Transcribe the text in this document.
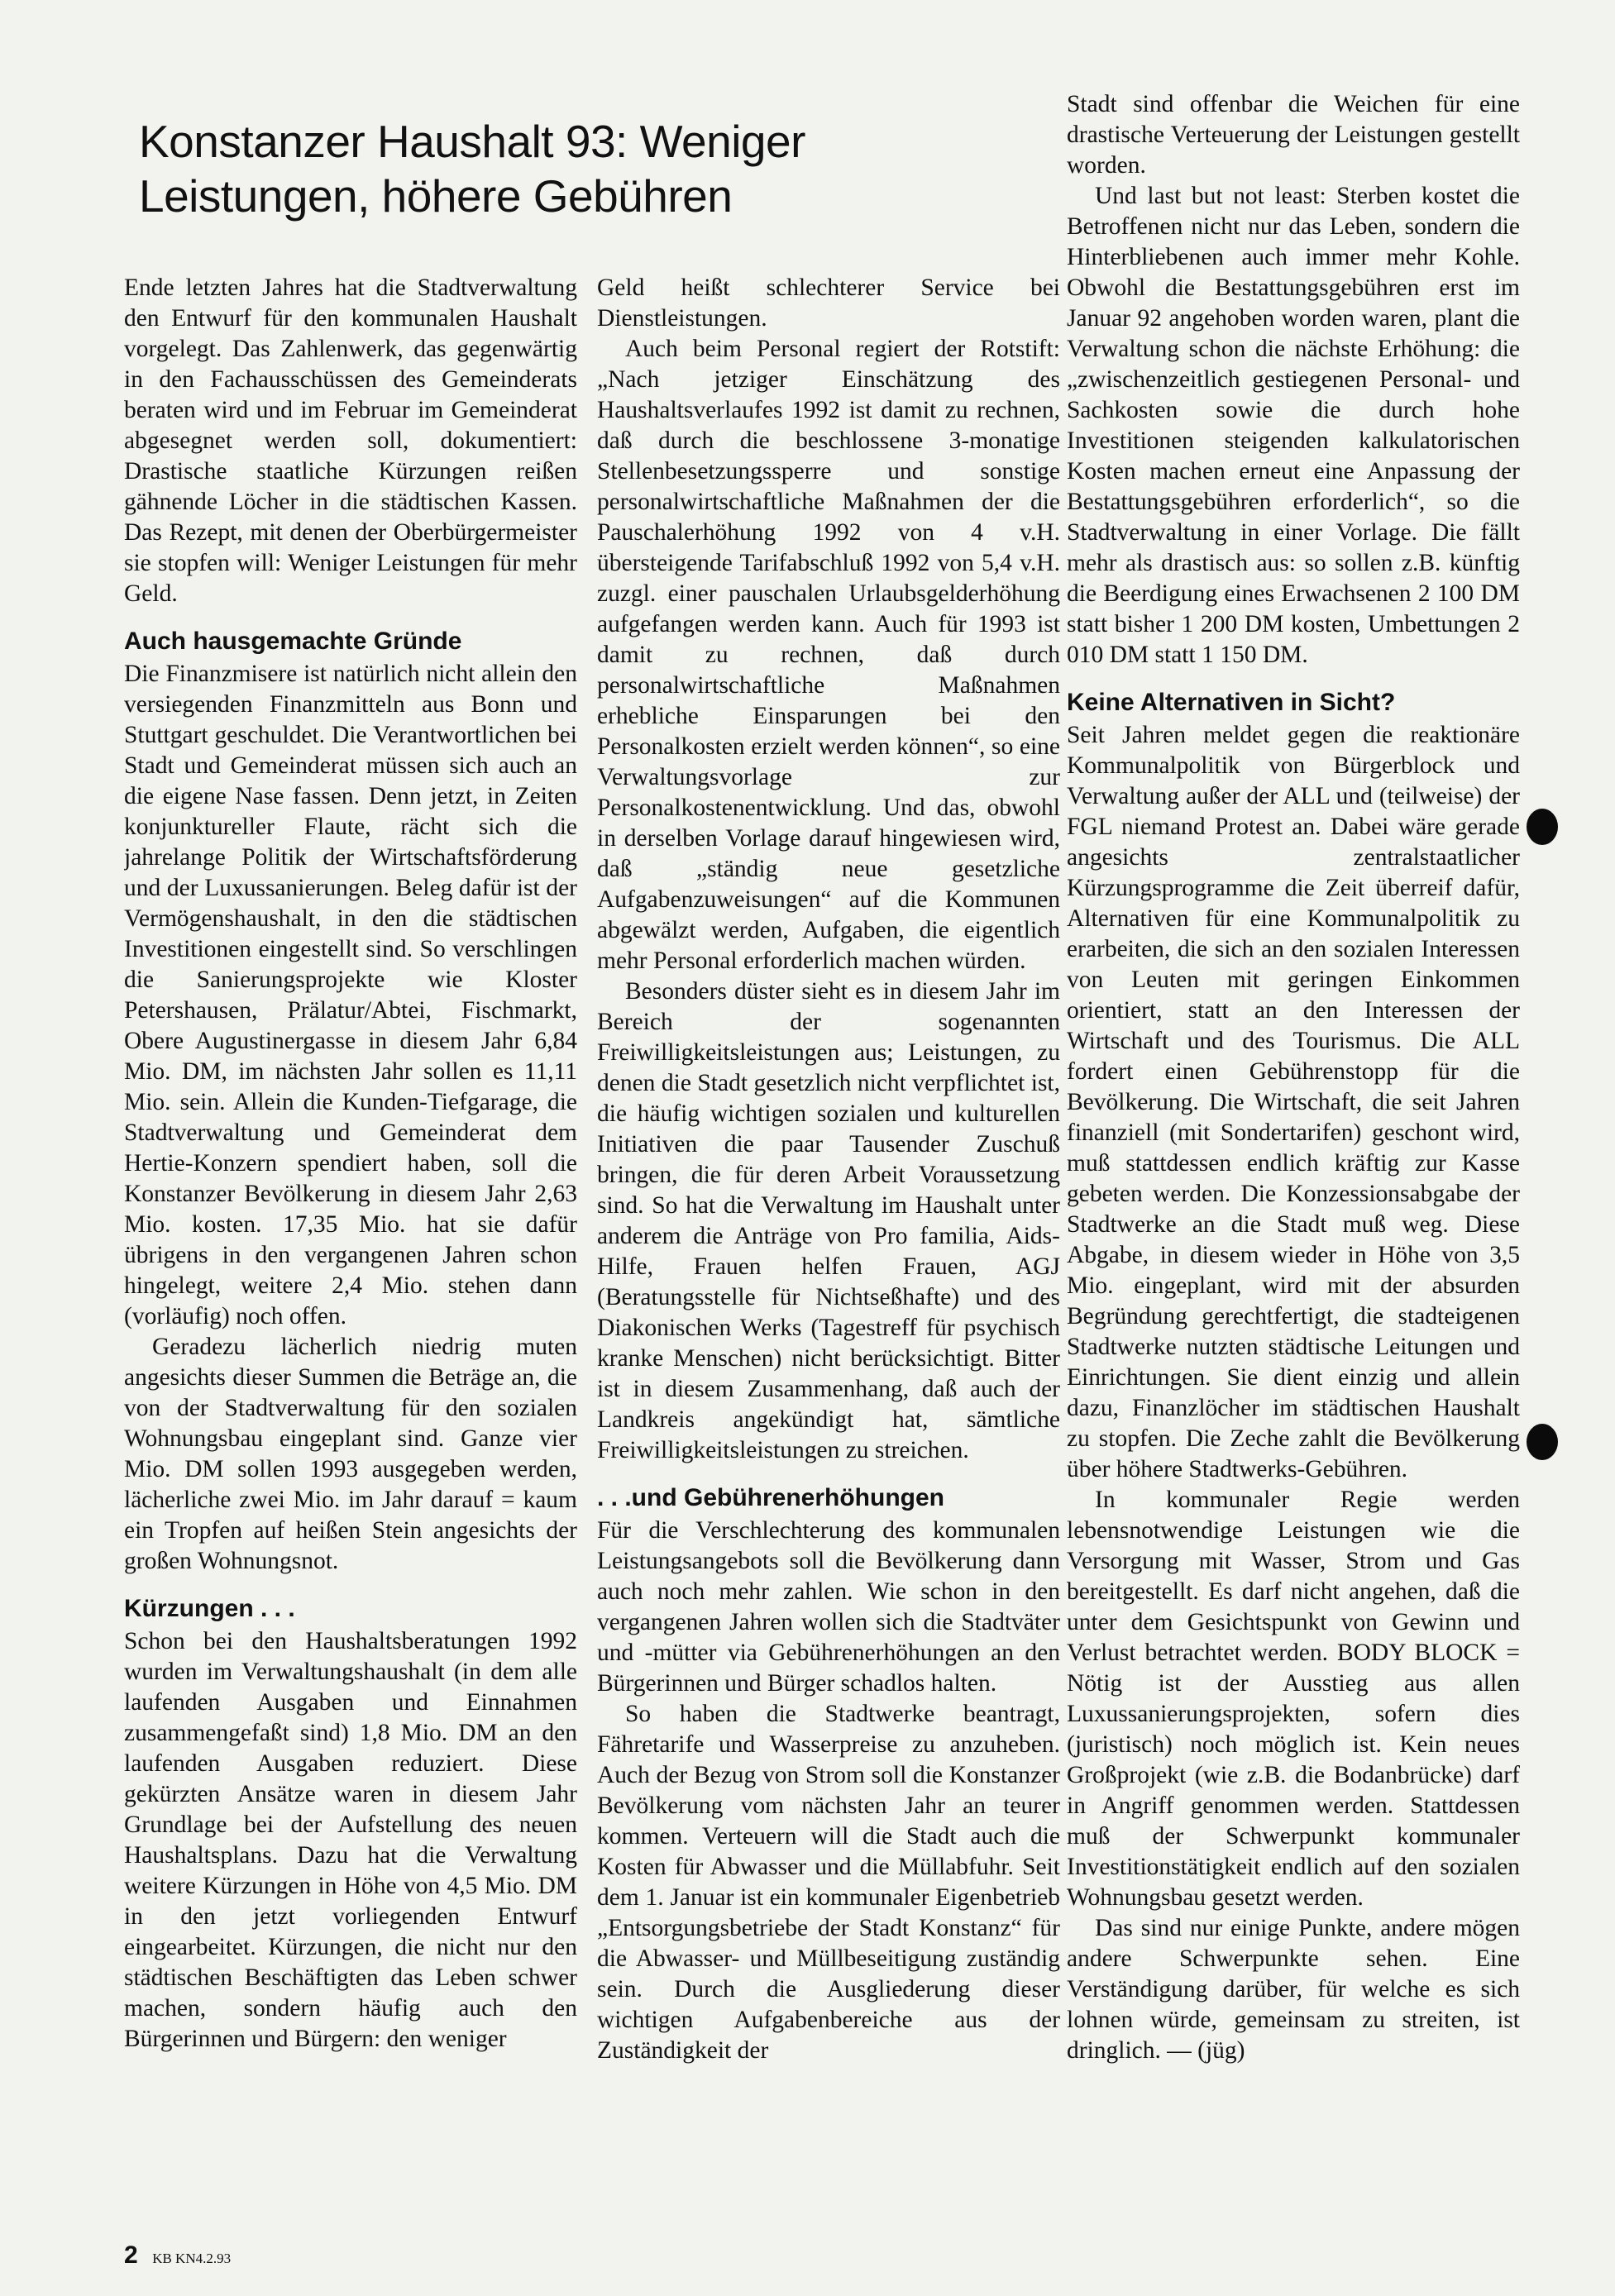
Konstanzer Haushalt 93: Weniger Leistungen, höhere Gebühren

Ende letzten Jahres hat die Stadtverwaltung den Entwurf für den kommunalen Haushalt vorgelegt. Das Zahlenwerk, das gegenwärtig in den Fachausschüssen des Gemeinderats beraten wird und im Februar im Gemeinderat abgesegnet werden soll, dokumentiert: Drastische staatliche Kürzungen reißen gähnende Löcher in die städtischen Kassen. Das Rezept, mit denen der Oberbürgermeister sie stopfen will: Weniger Leistungen für mehr Geld.

Auch hausgemachte Gründe

Die Finanzmisere ist natürlich nicht allein den versiegenden Finanzmitteln aus Bonn und Stuttgart geschuldet. Die Verantwortlichen bei Stadt und Gemeinderat müssen sich auch an die eigene Nase fassen. Denn jetzt, in Zeiten konjunktureller Flaute, rächt sich die jahrelange Politik der Wirtschaftsförderung und der Luxussanierungen. Beleg dafür ist der Vermögenshaushalt, in den die städtischen Investitionen eingestellt sind. So verschlingen die Sanierungsprojekte wie Kloster Petershausen, Prälatur/Abtei, Fischmarkt, Obere Augustinergasse in diesem Jahr 6,84 Mio. DM, im nächsten Jahr sollen es 11,11 Mio. sein. Allein die Kunden-Tiefgarage, die Stadtverwaltung und Gemeinderat dem Hertie-Konzern spendiert haben, soll die Konstanzer Bevölkerung in diesem Jahr 2,63 Mio. kosten. 17,35 Mio. hat sie dafür übrigens in den vergangenen Jahren schon hingelegt, weitere 2,4 Mio. stehen dann (vorläufig) noch offen.

Geradezu lächerlich niedrig muten angesichts dieser Summen die Beträge an, die von der Stadtverwaltung für den sozialen Wohnungsbau eingeplant sind. Ganze vier Mio. DM sollen 1993 ausgegeben werden, lächerliche zwei Mio. im Jahr darauf = kaum ein Tropfen auf heißen Stein angesichts der großen Wohnungsnot.

Kürzungen . . .

Schon bei den Haushaltsberatungen 1992 wurden im Verwaltungshaushalt (in dem alle laufenden Ausgaben und Einnahmen zusammengefaßt sind) 1,8 Mio. DM an den laufenden Ausgaben reduziert. Diese gekürzten Ansätze waren in diesem Jahr Grundlage bei der Aufstellung des neuen Haushaltsplans. Dazu hat die Verwaltung weitere Kürzungen in Höhe von 4,5 Mio. DM in den jetzt vorliegenden Entwurf eingearbeitet. Kürzungen, die nicht nur den städtischen Beschäftigten das Leben schwer machen, sondern häufig auch den Bürgerinnen und Bürgern: den weniger

Geld heißt schlechterer Service bei Dienstleistungen.

Auch beim Personal regiert der Rotstift: „Nach jetziger Einschätzung des Haushaltsverlaufes 1992 ist damit zu rechnen, daß durch die beschlossene 3-monatige Stellenbesetzungssperre und sonstige personalwirtschaftliche Maßnahmen der die Pauschalerhöhung 1992 von 4 v.H. übersteigende Tarifabschluß 1992 von 5,4 v.H. zuzgl. einer pauschalen Urlaubsgelderhöhung aufgefangen werden kann. Auch für 1993 ist damit zu rechnen, daß durch personalwirtschaftliche Maßnahmen erhebliche Einsparungen bei den Personalkosten erzielt werden können“, so eine Verwaltungsvorlage zur Personalkostenentwicklung. Und das, obwohl in derselben Vorlage darauf hingewiesen wird, daß „ständig neue gesetzliche Aufgabenzuweisungen“ auf die Kommunen abgewälzt werden, Aufgaben, die eigentlich mehr Personal erforderlich machen würden.

Besonders düster sieht es in diesem Jahr im Bereich der sogenannten Freiwilligkeitsleistungen aus; Leistungen, zu denen die Stadt gesetzlich nicht verpflichtet ist, die häufig wichtigen sozialen und kulturellen Initiativen die paar Tausender Zuschuß bringen, die für deren Arbeit Voraussetzung sind. So hat die Verwaltung im Haushalt unter anderem die Anträge von Pro familia, Aids-Hilfe, Frauen helfen Frauen, AGJ (Beratungsstelle für Nichtseßhafte) und des Diakonischen Werks (Tagestreff für psychisch kranke Menschen) nicht berücksichtigt. Bitter ist in diesem Zusammenhang, daß auch der Landkreis angekündigt hat, sämtliche Freiwilligkeitsleistungen zu streichen.

. . .und Gebührenerhöhungen

Für die Verschlechterung des kommunalen Leistungsangebots soll die Bevölkerung dann auch noch mehr zahlen. Wie schon in den vergangenen Jahren wollen sich die Stadtväter und -mütter via Gebührenerhöhungen an den Bürgerinnen und Bürger schadlos halten.

So haben die Stadtwerke beantragt, Fähretarife und Wasserpreise zu anzuheben. Auch der Bezug von Strom soll die Konstanzer Bevölkerung vom nächsten Jahr an teurer kommen. Verteuern will die Stadt auch die Kosten für Abwasser und die Müllabfuhr. Seit dem 1. Januar ist ein kommunaler Eigenbetrieb „Entsorgungsbetriebe der Stadt Konstanz“ für die Abwasser- und Müllbeseitigung zuständig sein. Durch die Ausgliederung dieser wichtigen Aufgabenbereiche aus der Zuständigkeit der

Stadt sind offenbar die Weichen für eine drastische Verteuerung der Leistungen gestellt worden.

Und last but not least: Sterben kostet die Betroffenen nicht nur das Leben, sondern die Hinterbliebenen auch immer mehr Kohle. Obwohl die Bestattungsgebühren erst im Januar 92 angehoben worden waren, plant die Verwaltung schon die nächste Erhöhung: die „zwischenzeitlich gestiegenen Personal- und Sachkosten sowie die durch hohe Investitionen steigenden kalkulatorischen Kosten machen erneut eine Anpassung der Bestattungsgebühren erforderlich“, so die Stadtverwaltung in einer Vorlage. Die fällt mehr als drastisch aus: so sollen z.B. künftig die Beerdigung eines Erwachsenen 2 100 DM statt bisher 1 200 DM kosten, Umbettungen 2 010 DM statt 1 150 DM.

Keine Alternativen in Sicht?

Seit Jahren meldet gegen die reaktionäre Kommunalpolitik von Bürgerblock und Verwaltung außer der ALL und (teilweise) der FGL niemand Protest an. Dabei wäre gerade angesichts zentralstaatlicher Kürzungsprogramme die Zeit überreif dafür, Alternativen für eine Kommunalpolitik zu erarbeiten, die sich an den sozialen Interessen von Leuten mit geringen Einkommen orientiert, statt an den Interessen der Wirtschaft und des Tourismus. Die ALL fordert einen Gebührenstopp für die Bevölkerung. Die Wirtschaft, die seit Jahren finanziell (mit Sondertarifen) geschont wird, muß stattdessen endlich kräftig zur Kasse gebeten werden. Die Konzessionsabgabe der Stadtwerke an die Stadt muß weg. Diese Abgabe, in diesem wieder in Höhe von 3,5 Mio. eingeplant, wird mit der absurden Begründung gerechtfertigt, die stadteigenen Stadtwerke nutzten städtische Leitungen und Einrichtungen. Sie dient einzig und allein dazu, Finanzlöcher im städtischen Haushalt zu stopfen. Die Zeche zahlt die Bevölkerung über höhere Stadtwerks-Gebühren.

In kommunaler Regie werden lebensnotwendige Leistungen wie die Versorgung mit Wasser, Strom und Gas bereitgestellt. Es darf nicht angehen, daß die unter dem Gesichtspunkt von Gewinn und Verlust betrachtet werden. BODY BLOCK = Nötig ist der Ausstieg aus allen Luxussanierungsprojekten, sofern dies (juristisch) noch möglich ist. Kein neues Großprojekt (wie z.B. die Bodanbrücke) darf in Angriff genommen werden. Stattdessen muß der Schwerpunkt kommunaler Investitionstätigkeit endlich auf den sozialen Wohnungsbau gesetzt werden.

Das sind nur einige Punkte, andere mögen andere Schwerpunkte sehen. Eine Verständigung darüber, für welche es sich lohnen würde, gemeinsam zu streiten, ist dringlich. — (jüg)

2 KB KN4.2.93
